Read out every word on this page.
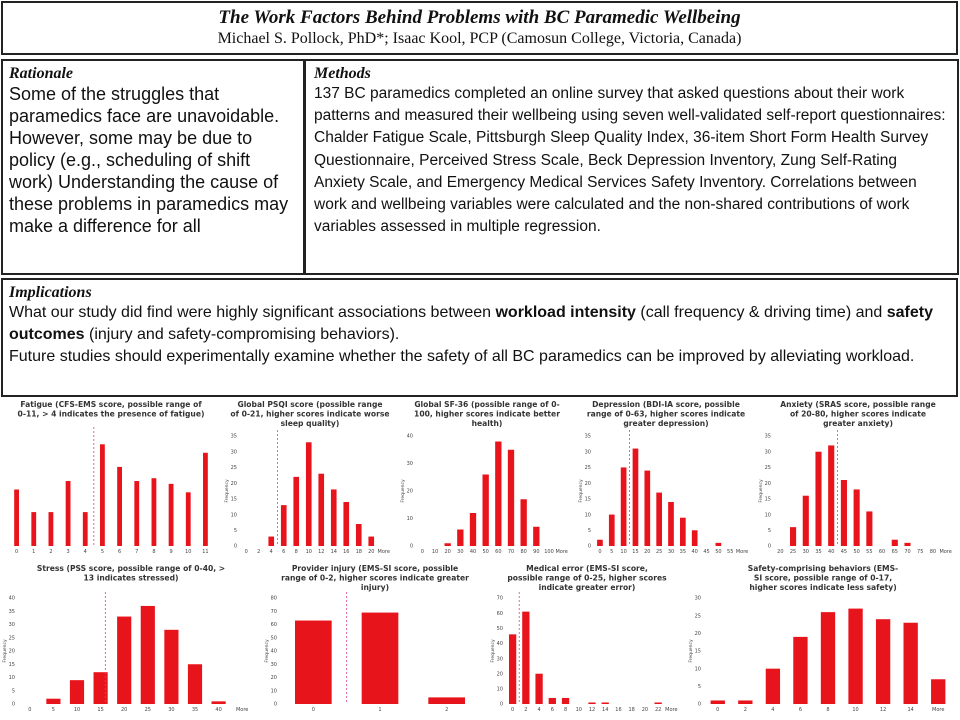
The Work Factors Behind Problems with BC Paramedic Wellbeing
Michael S. Pollock, PhD*; Isaac Kool, PCP (Camosun College, Victoria, Canada)
Rationale
Some of the struggles that paramedics face are unavoidable. However, some may be due to policy (e.g., scheduling of shift work) Understanding the cause of these problems in paramedics may make a difference for all
Methods
137 BC paramedics completed an online survey that asked questions about their work patterns and measured their wellbeing using seven well-validated self-report questionnaires: Chalder Fatigue Scale, Pittsburgh Sleep Quality Index, 36-item Short Form Health Survey Questionnaire, Perceived Stress Scale, Beck Depression Inventory, Zung Self-Rating Anxiety Scale, and Emergency Medical Services Safety Inventory. Correlations between work and wellbeing variables were calculated and the non-shared contributions of work variables assessed in multiple regression.
Implications
What our study did find were highly significant associations between workload intensity (call frequency & driving time) and safety outcomes (injury and safety-compromising behaviors).
Future studies should experimentally examine whether the safety of all BC paramedics can be improved by alleviating workload.
Fatigue (CFS-EMS score, possible range of
0-11, > 4 indicates the presence of fatigue)
0	1	2	3	4	5	6	7	8	9 10 11
Global PSQI score (possible range
of 0-21, higher scores indicate worse
sleep quality)
0
5
10
15
20
25
30
35
Frequency
0 2 4 6 8 10 12 14 16 18 20 More
Global SF-36 (possible range of 0-
100, higher scores indicate better
health)
0
10
20
30
40
Frequency
0 10 20 30 40 50 60 70 80 90 100 More
Depression (BDI-IA score, possible
range of 0-63, higher scores indicate
greater depression)
0
5
10
15
20
25
30
35
Frequency
0 5 10 15 20 25 30 35 40 45 50 55 More
Anxiety (SRAS score, possible range
of 20-80, higher scores indicate
greater anxiety)
0
5
10
15
20
25
30
35
Frequency
20 25 30 35 40 45 50 55 60 65 70 75 80 More
Stress (PSS score, possible range of 0-40, >
13 indicates stressed)
0
5
10
15
20
25
30
35
40
Frequency
0	5	10	15	20	25	30	35	40	More
Provider injury (EMS-SI score, possible
range of 0-2, higher scores indicate greater
injury)
0
10
20
30
40
50
60
70
80
Frequency
0	1	2
Medical error (EMS-SI score,
possible range of 0-25, higher scores
indicate greater error)
0
10
20
30
40
50
60
70
Frequency
0 2 4 6 8 10 12 14 16 18 20 22 More
Safety-comprising behaviors (EMS-
SI score, possible range of 0-17,
higher scores indicate less safety)
0
5
10
15
20
25
30
Frequency
0	2	4	6	8	10	12	14	More
